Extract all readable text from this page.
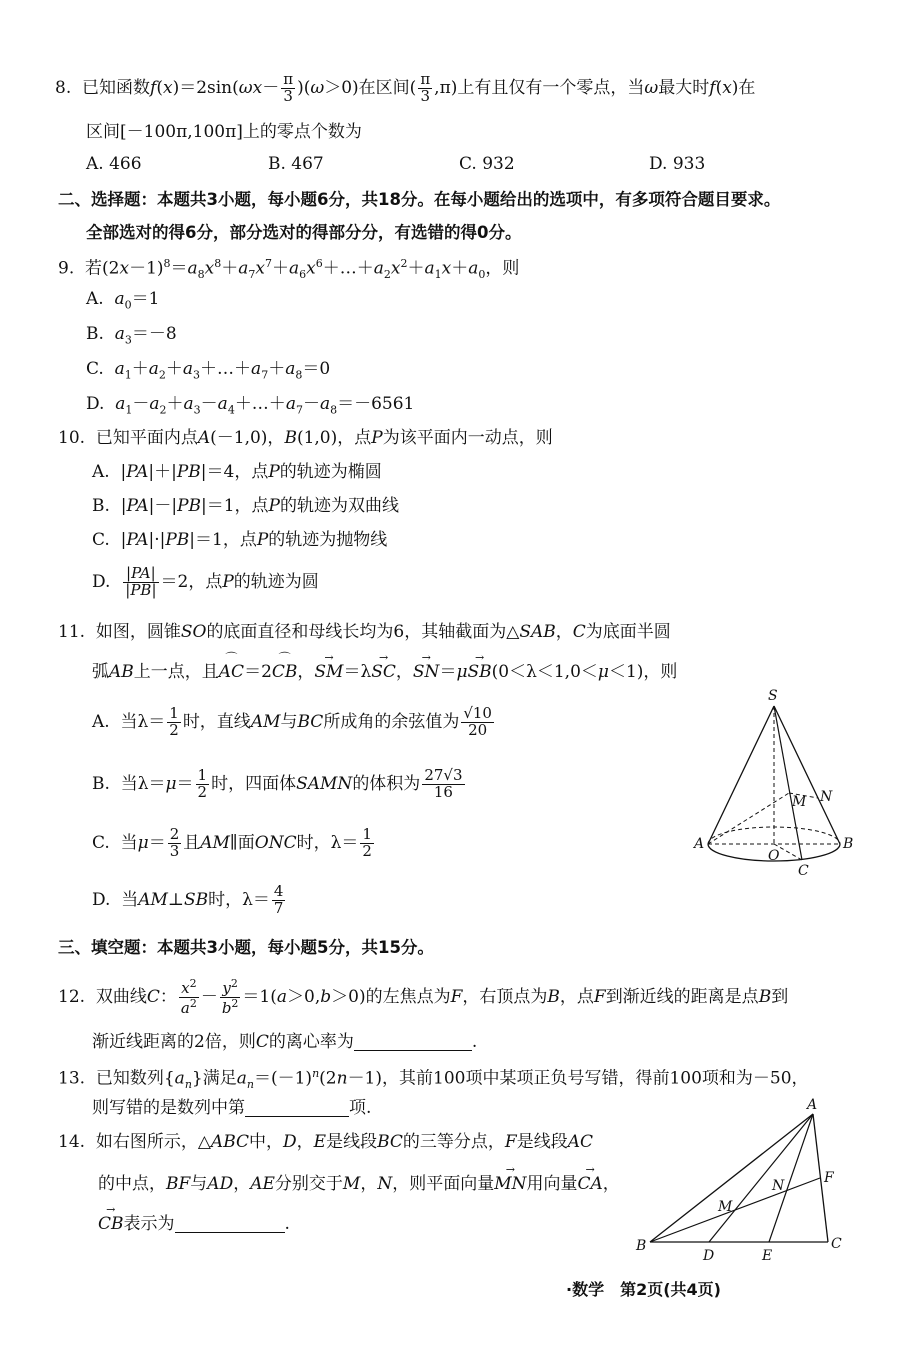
8.  已知函数$f(x)=2\sin(\omega x- \frac{\pi}{3} )(\omega>0)$在区间( $\frac{\pi}{3} ,\pi$)上有且仅有一个零点，当ω最大时f(x)在
区间[－100π,100π]上的零点个数为
A. 466	B. 467	C. 932	D. 933
二、选择题：本题共3小题，每小题6分，共18分。在每小题给出的选项中，有多项符合题目要求。
全部选对的得6分，部分选对的得部分分，有选错的得0分。
9.  若$(2x-1)^8=a_8x^8+a_7x^7+a_6x^6+\dots+a_2x^2+a_1x+a_0$，则
A.  $a_0=1$
B.  $a_3=-8$
C.  $a_1+a_2+a_3+\dots+a_7+a_8=0$
D.  $a_1-a_2+a_3-a_4+\dots+a_7-a_8=-6561$
10.  已知平面内点A(－1,0)，B(1,0)，点P为该平面内一动点，则
A.  |PA|＋|PB|＝4，点P的轨迹为椭圆
B.  |PA|－|PB|＝1，点P的轨迹为双曲线
C.  |PA|·|PB|＝1，点P的轨迹为抛物线
D. $\frac{|PA|}{|PB|} =2$，点P的轨迹为圆
11.  如图，圆锥SO的底面直径和母线长均为6，其轴截面为△SAB，C为底面半圆
弧AB上一点，且⌒ AC＝2⌒ CB，→ SM＝λ→ SC，→ SN＝μ→ SB(0＜λ＜1,0＜μ＜1)，则
A.  当$\lambda= \frac{1}{2}$ 时，直线AM与BC所成角的余弦值为 $\frac{√10}{20}$
B.  当$\lambda=\mu= \frac{1}{2}$ 时，四面体SAMN的体积为 $\frac{27√3}{16}$
C.  当$\mu= \frac{2}{3}$ 且AM∥面ONC时，$\lambda= \frac{1}{2}$
D.  当AM⊥SB时，$\lambda= \frac{4}{7}$
S
M N
A
O
B
C
三、填空题：本题共3小题，每小题5分，共15分。
12.  双曲线C： $\frac{x^2}{a^2} - \frac{y^2}{b^2} =1(a>0,b>0)$的左焦点为F，右顶点为B，点F到渐近线的距离是点B到
渐近线距离的2倍，则C的离心率为	.
13.  已知数列$\{a_n\}$满足$a_n=(-1)^n(2n-1)$，其前100项中某项正负号写错，得前100项和为－50，
则写错的是数列中第	项.
14.  如右图所示，△ABC中，D，E是线段BC的三等分点，F是线段AC
的中点，BF与AD，AE分别交于M，N，则平面向量→ MN用向量→ CA，
→ CB表示为	.
A
F
N
M
B
D	E
C
·数学　第2页(共4页)
